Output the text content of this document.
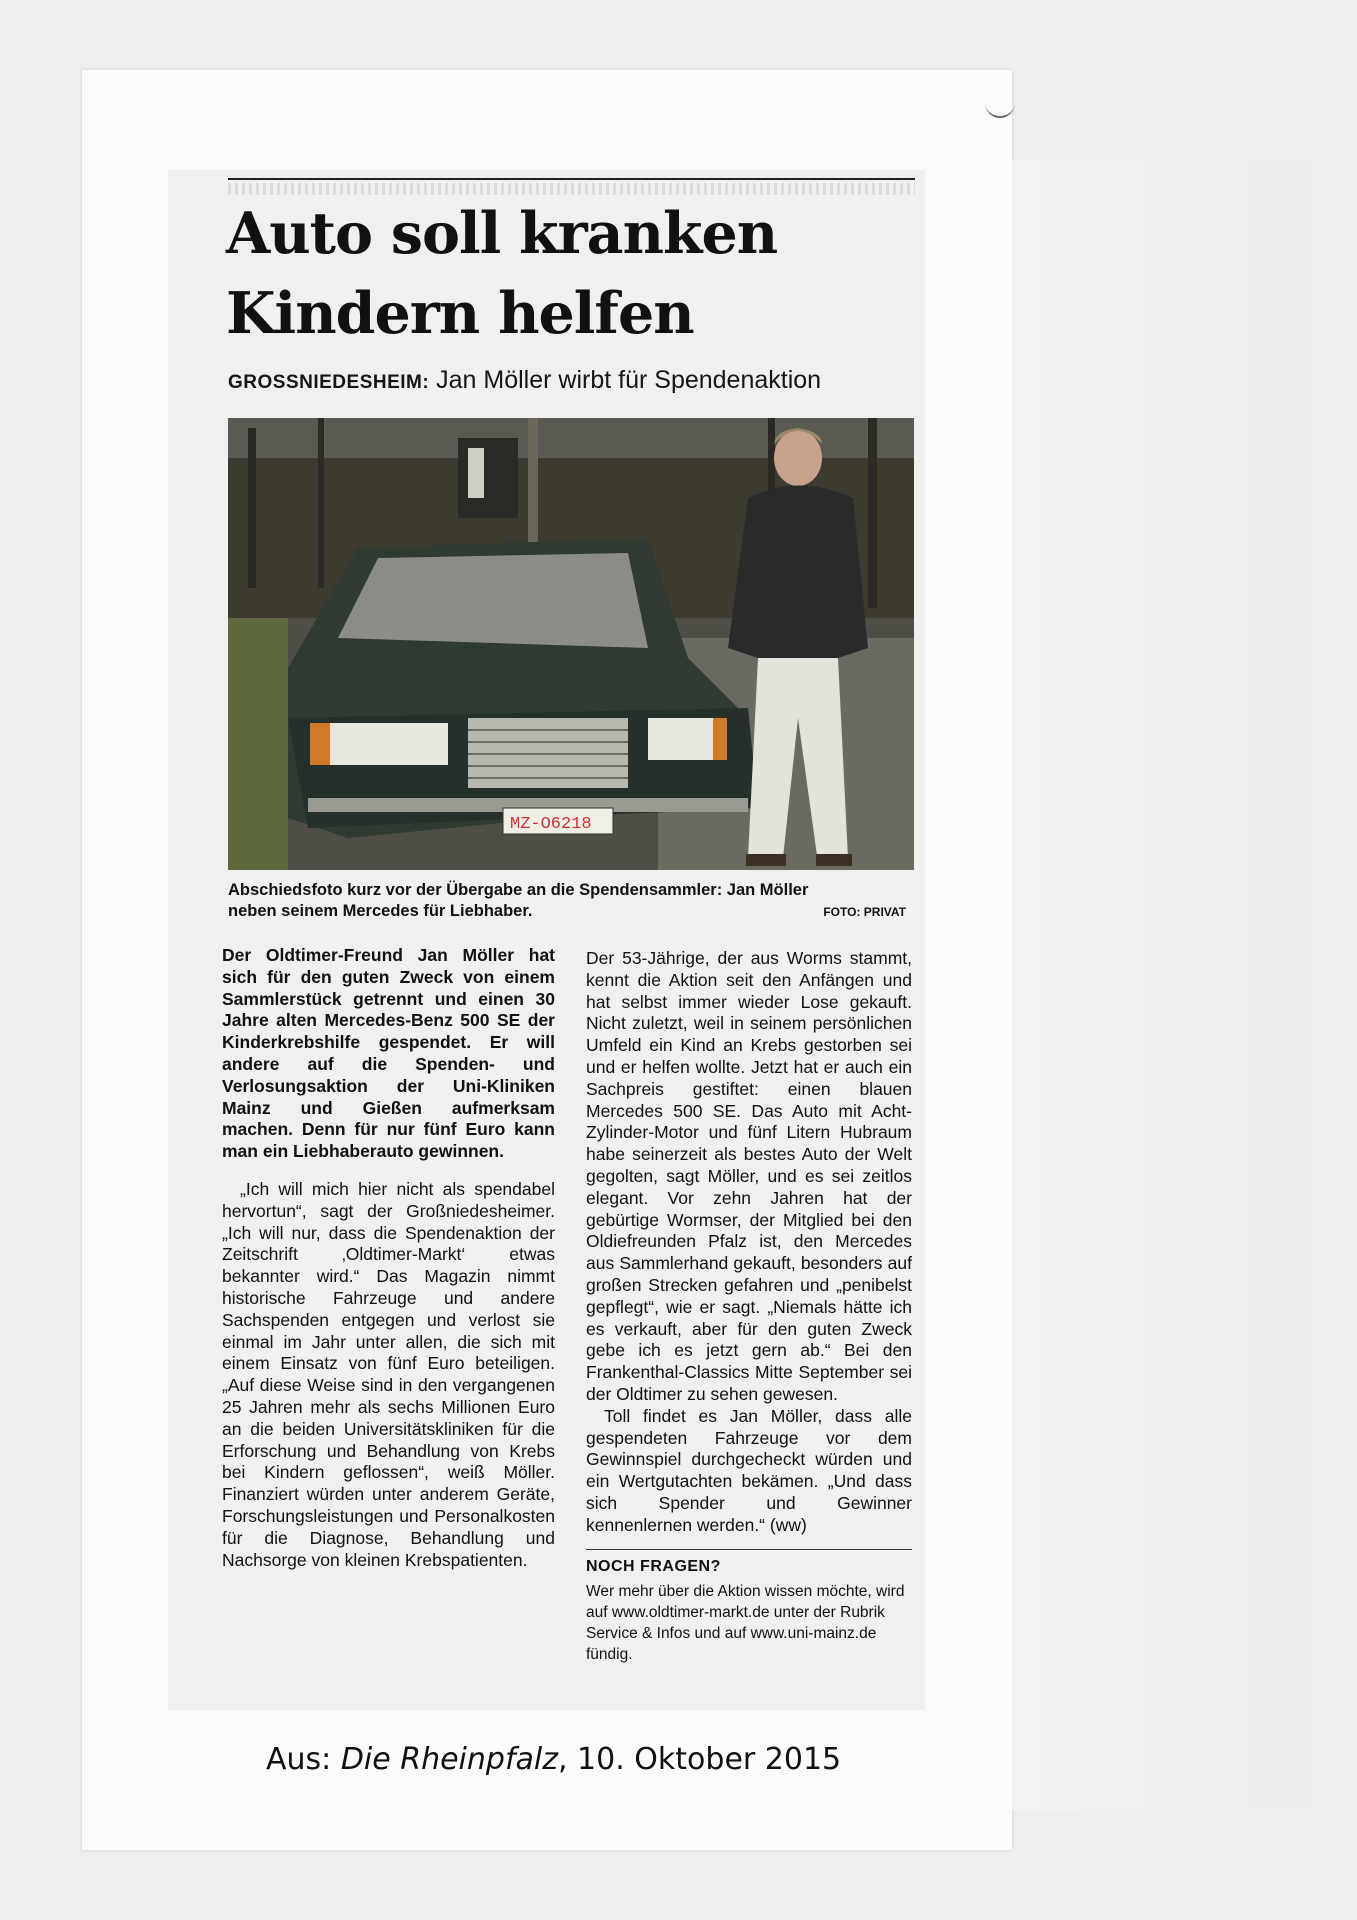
Auto soll kranken
Kindern helfen
GROSSNIEDESHEIM: Jan Möller wirbt für Spendenaktion
MZ-O6218
Abschiedsfoto kurz vor der Übergabe an die Spendensammler: Jan Möller
neben seinem Mercedes für Liebhaber.	FOTO: PRIVAT

Der Oldtimer-Freund Jan Möller hat sich für den guten Zweck von einem Sammlerstück getrennt und einen 30 Jahre alten Mercedes-Benz 500 SE der Kinderkrebshilfe gespendet. Er will andere auf die Spenden- und Verlosungsaktion der Uni-Kliniken Mainz und Gießen aufmerksam machen. Denn für nur fünf Euro kann man ein Liebhaberauto gewinnen.

„Ich will mich hier nicht als spendabel hervortun“, sagt der Großniedesheimer. „Ich will nur, dass die Spendenaktion der Zeitschrift ‚Oldtimer-Markt‘ etwas bekannter wird.“ Das Magazin nimmt historische Fahrzeuge und andere Sachspenden entgegen und verlost sie einmal im Jahr unter allen, die sich mit einem Einsatz von fünf Euro beteiligen. „Auf diese Weise sind in den vergangenen 25 Jahren mehr als sechs Millionen Euro an die beiden Universitätskliniken für die Erforschung und Behandlung von Krebs bei Kindern geflossen“, weiß Möller. Finanziert würden unter anderem Geräte, Forschungsleistungen und Personalkosten für die Diagnose, Behandlung und Nachsorge von kleinen Krebspatienten.

Der 53-Jährige, der aus Worms stammt, kennt die Aktion seit den Anfängen und hat selbst immer wieder Lose gekauft. Nicht zuletzt, weil in seinem persönlichen Umfeld ein Kind an Krebs gestorben sei und er helfen wollte. Jetzt hat er auch ein Sachpreis gestiftet: einen blauen Mercedes 500 SE. Das Auto mit Acht-Zylinder-Motor und fünf Litern Hubraum habe seinerzeit als bestes Auto der Welt gegolten, sagt Möller, und es sei zeitlos elegant. Vor zehn Jahren hat der gebürtige Wormser, der Mitglied bei den Oldiefreunden Pfalz ist, den Mercedes aus Sammlerhand gekauft, besonders auf großen Strecken gefahren und „penibelst gepflegt“, wie er sagt. „Niemals hätte ich es verkauft, aber für den guten Zweck gebe ich es jetzt gern ab.“ Bei den Frankenthal-Classics Mitte September sei der Oldtimer zu sehen gewesen.

Toll findet es Jan Möller, dass alle gespendeten Fahrzeuge vor dem Gewinnspiel durchgecheckt würden und ein Wertgutachten bekämen. „Und dass sich Spender und Gewinner kennenlernen werden.“ (ww)

NOCH FRAGEN?
Wer mehr über die Aktion wissen möchte, wird auf www.oldtimer-markt.de unter der Rubrik Service & Infos und auf www.uni-mainz.de fündig.
Aus: Die Rheinpfalz, 10. Oktober 2015
